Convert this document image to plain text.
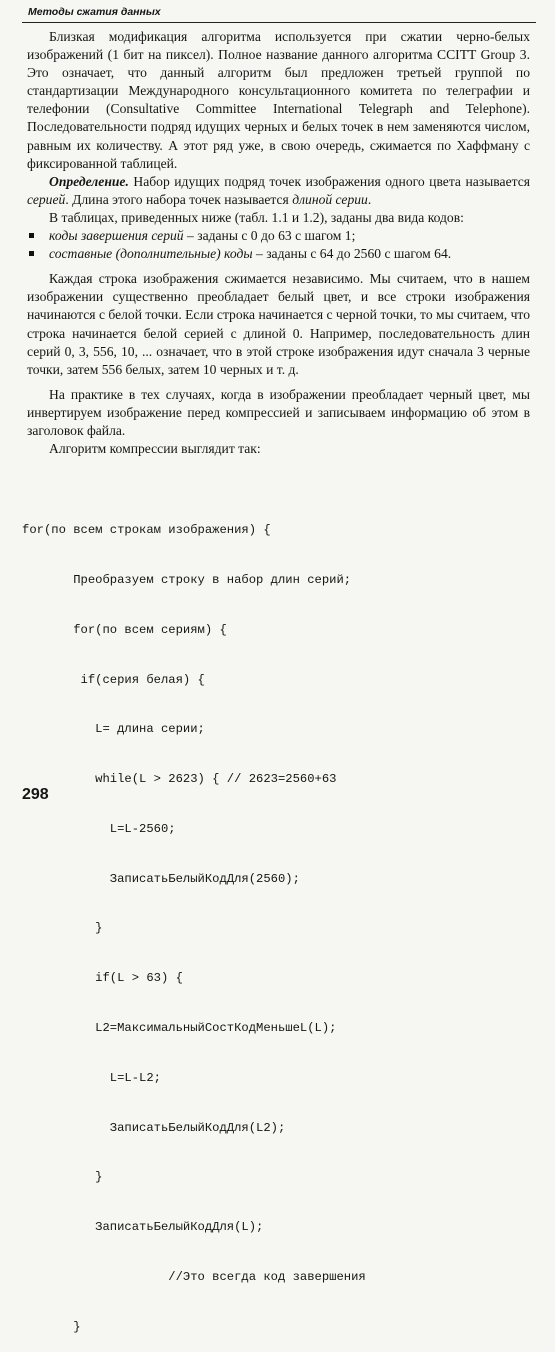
Методы сжатия данных

Близкая модификация алгоритма используется при сжатии черно-белых изображений (1 бит на пиксел). Полное название данного алгоритма CCITT Group 3. Это означает, что данный алгоритм был предложен третьей группой по стандартизации Международного консультационного комитета по телеграфии и телефонии (Consultative Committee International Telegraph and Telephone). Последовательности подряд идущих черных и белых точек в нем заменяются числом, равным их количеству. А этот ряд уже, в свою очередь, сжимается по Хаффману с фиксированной таблицей.

Определение. Набор идущих подряд точек изображения одного цвета называется серией. Длина этого набора точек называется длиной серии.

В таблицах, приведенных ниже (табл. 1.1 и 1.2), заданы два вида кодов:

коды завершения серий – заданы с 0 до 63 с шагом 1;
составные (дополнительные) коды – заданы с 64 до 2560 с шагом 64.

Каждая строка изображения сжимается независимо. Мы считаем, что в нашем изображении существенно преобладает белый цвет, и все строки изображения начинаются с белой точки. Если строка начинается с черной точки, то мы считаем, что строка начинается белой серией с длиной 0. Например, последовательность длин серий 0, 3, 556, 10, ... означает, что в этой строке изображения идут сначала 3 черные точки, затем 556 белых, затем 10 черных и т. д.

На практике в тех случаях, когда в изображении преобладает черный цвет, мы инвертируем изображение перед компрессией и записываем информацию об этом в заголовок файла.

Алгоритм компрессии выглядит так:

for(по всем строкам изображения) {

Преобразуем строку в набор длин серий;

for(по всем сериям) {

if(серия белая) {

L= длина серии;

while(L > 2623) { // 2623=2560+63

L=L-2560;

ЗаписатьБелыйКодДля(2560);

}

if(L > 63) {

L2=МаксимальныйСостКодМеньшеL(L);

L=L-L2;

ЗаписатьБелыйКодДля(L2);

}

ЗаписатьБелыйКодДля(L);

//Это всегда код завершения

}

298
